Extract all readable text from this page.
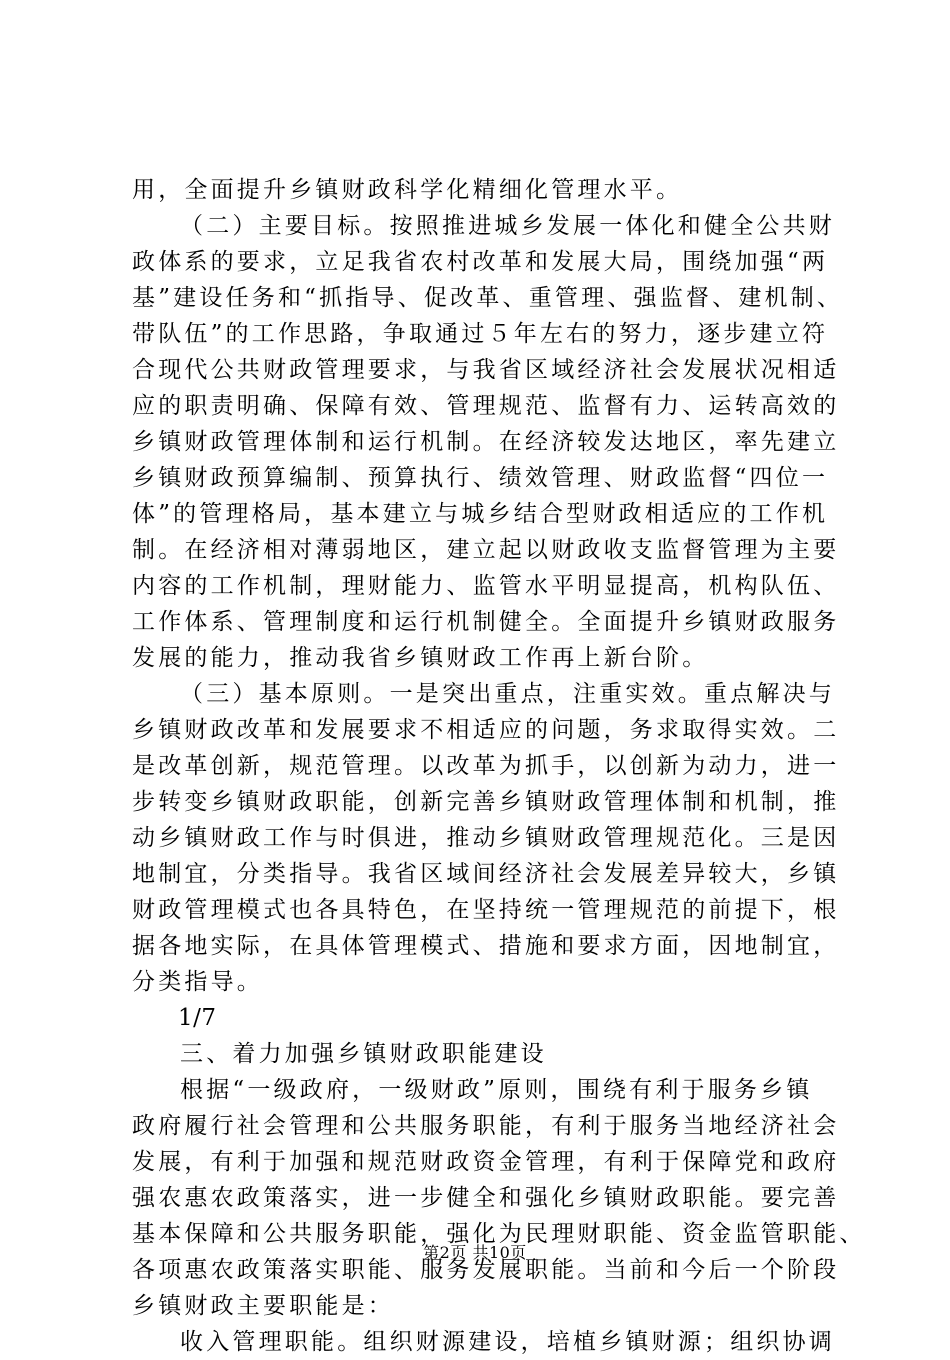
用，全面提升乡镇财政科学化精细化管理水平。
（二）主要目标。按照推进城乡发展一体化和健全公共财
政体系的要求，立足我省农村改革和发展大局，围绕加强“两
基”建设任务和“抓指导、促改革、重管理、强监督、建机制、
带队伍”的工作思路，争取通过５年左右的努力，逐步建立符
合现代公共财政管理要求，与我省区域经济社会发展状况相适
应的职责明确、保障有效、管理规范、监督有力、运转高效的
乡镇财政管理体制和运行机制。在经济较发达地区，率先建立
乡镇财政预算编制、预算执行、绩效管理、财政监督“四位一
体”的管理格局，基本建立与城乡结合型财政相适应的工作机
制。在经济相对薄弱地区，建立起以财政收支监督管理为主要
内容的工作机制，理财能力、监管水平明显提高，机构队伍、
工作体系、管理制度和运行机制健全。全面提升乡镇财政服务
发展的能力，推动我省乡镇财政工作再上新台阶。
（三）基本原则。一是突出重点，注重实效。重点解决与
乡镇财政改革和发展要求不相适应的问题，务求取得实效。二
是改革创新，规范管理。以改革为抓手，以创新为动力，进一
步转变乡镇财政职能，创新完善乡镇财政管理体制和机制，推
动乡镇财政工作与时俱进，推动乡镇财政管理规范化。三是因
地制宜，分类指导。我省区域间经济社会发展差异较大，乡镇
财政管理模式也各具特色，在坚持统一管理规范的前提下，根
据各地实际，在具体管理模式、措施和要求方面，因地制宜，
分类指导。
1/7
三、着力加强乡镇财政职能建设
根据“一级政府，一级财政”原则，围绕有利于服务乡镇
政府履行社会管理和公共服务职能，有利于服务当地经济社会
发展，有利于加强和规范财政资金管理，有利于保障党和政府
强农惠农政策落实，进一步健全和强化乡镇财政职能。要完善
基本保障和公共服务职能，强化为民理财职能、资金监管职能、
各项惠农政策落实职能、服务发展职能。当前和今后一个阶段
乡镇财政主要职能是：
收入管理职能。组织财源建设，培植乡镇财源；组织协调
第2页 共10页
